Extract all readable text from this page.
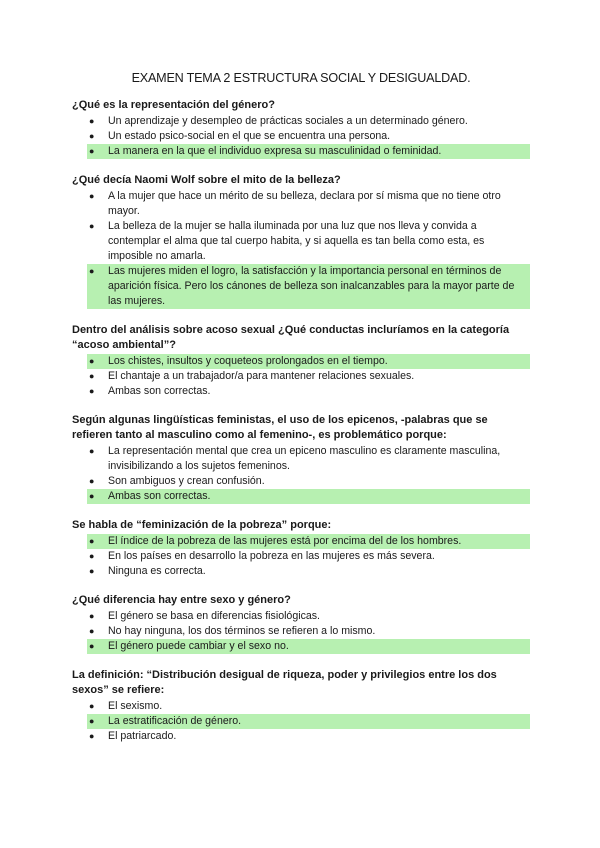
EXAMEN TEMA 2 ESTRUCTURA SOCIAL Y DESIGUALDAD.
¿Qué es la representación del género?
● Un aprendizaje y desempleo de prácticas sociales a un determinado género.
● Un estado psico-social en el que se encuentra una persona.
● La manera en la que el individuo expresa su masculinidad o feminidad.
¿Qué decía Naomi Wolf sobre el mito de la belleza?
● A la mujer que hace un mérito de su belleza, declara por sí misma que no tiene otro mayor.
● La belleza de la mujer se halla iluminada por una luz que nos lleva y convida a contemplar el alma que tal cuerpo habita, y si aquella es tan bella como esta, es imposible no amarla.
● Las mujeres miden el logro, la satisfacción y la importancia personal en términos de aparición física. Pero los cánones de belleza son inalcanzables para la mayor parte de las mujeres.
Dentro del análisis sobre acoso sexual ¿Qué conductas incluríamos en la categoría “acoso ambiental”?
● Los chistes, insultos y coqueteos prolongados en el tiempo.
● El chantaje a un trabajador/a para mantener relaciones sexuales.
● Ambas son correctas.
Según algunas lingüísticas feministas, el uso de los epicenos, -palabras que se refieren tanto al masculino como al femenino-, es problemático porque:
● La representación mental que crea un epiceno masculino es claramente masculina, invisibilizando a los sujetos femeninos.
● Son ambiguos y crean confusión.
● Ambas son correctas.
Se habla de “feminización de la pobreza” porque:
● El índice de la pobreza de las mujeres está por encima del de los hombres.
● En los países en desarrollo la pobreza en las mujeres es más severa.
● Ninguna es correcta.
¿Qué diferencia hay entre sexo y género?
● El género se basa en diferencias fisiológicas.
● No hay ninguna, los dos términos se refieren a lo mismo.
● El género puede cambiar y el sexo no.
La definición: “Distribución desigual de riqueza, poder y privilegios entre los dos sexos” se refiere:
● El sexismo.
● La estratificación de género.
● El patriarcado.
